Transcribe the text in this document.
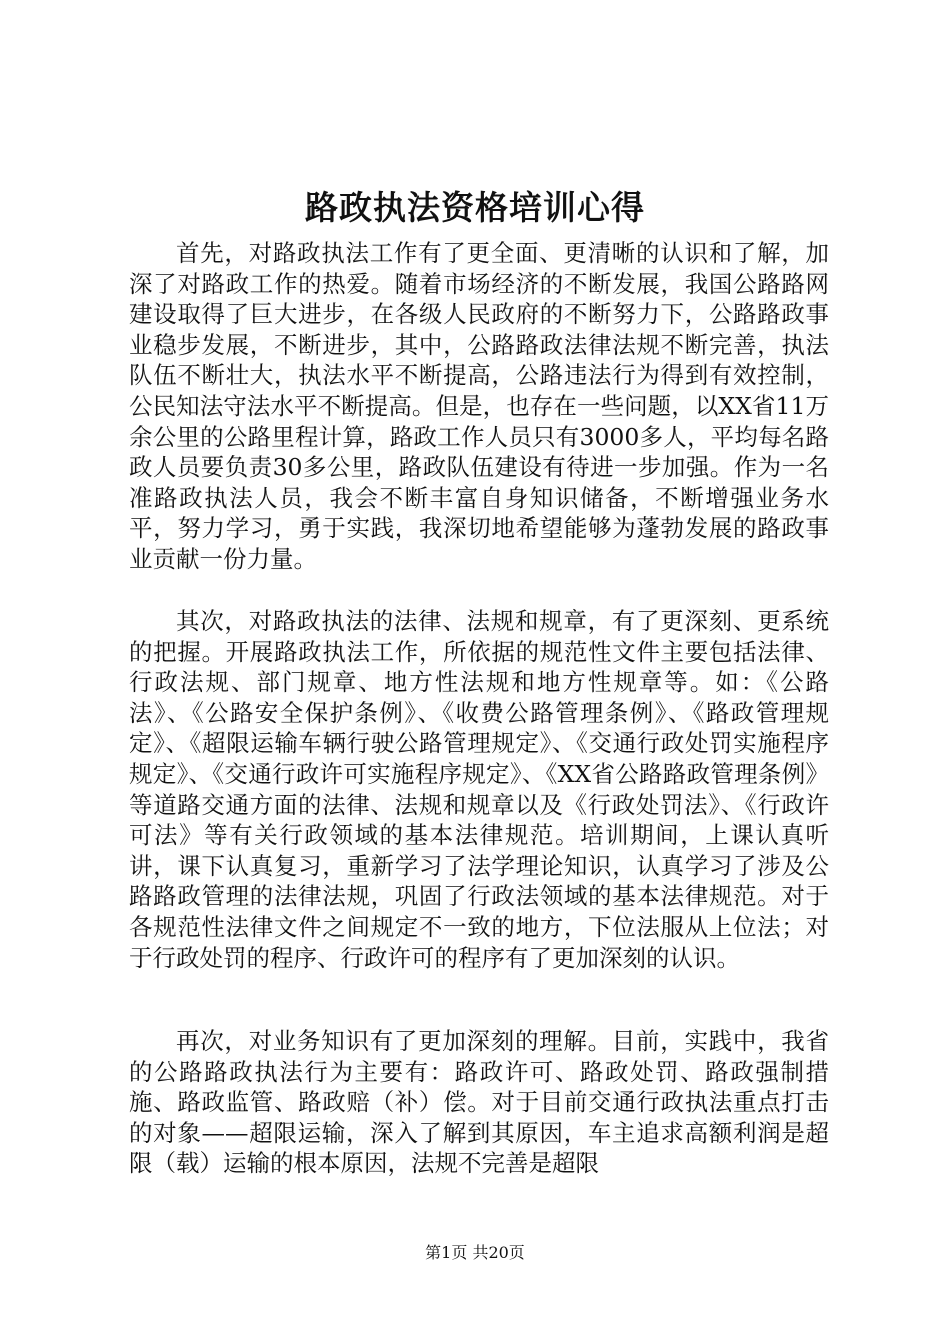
路政执法资格培训心得

首先，对路政执法工作有了更全面、更清晰的认识和了解，加深了对路政工作的热爱。随着市场经济的不断发展，我国公路路网建设取得了巨大进步，在各级人民政府的不断努力下，公路路政事业稳步发展，不断进步，其中，公路路政法律法规不断完善，执法队伍不断壮大，执法水平不断提高，公路违法行为得到有效控制，公民知法守法水平不断提高。但是，也存在一些问题，以XX省11万余公里的公路里程计算，路政工作人员只有3000多人，平均每名路政人员要负责30多公里，路政队伍建设有待进一步加强。作为一名准路政执法人员，我会不断丰富自身知识储备，不断增强业务水平，努力学习，勇于实践，我深切地希望能够为蓬勃发展的路政事业贡献一份力量。

其次，对路政执法的法律、法规和规章，有了更深刻、更系统的把握。开展路政执法工作，所依据的规范性文件主要包括法律、行政法规、部门规章、地方性法规和地方性规章等。如：《公路法》、《公路安全保护条例》、《收费公路管理条例》、《路政管理规定》、《超限运输车辆行驶公路管理规定》、《交通行政处罚实施程序规定》、《交通行政许可实施程序规定》、《XX省公路路政管理条例》等道路交通方面的法律、法规和规章以及《行政处罚法》、《行政许可法》等有关行政领域的基本法律规范。培训期间，上课认真听讲，课下认真复习，重新学习了法学理论知识，认真学习了涉及公路路政管理的法律法规，巩固了行政法领域的基本法律规范。对于各规范性法律文件之间规定不一致的地方，下位法服从上位法；对于行政处罚的程序、行政许可的程序有了更加深刻的认识。

再次，对业务知识有了更加深刻的理解。目前，实践中，我省的公路路政执法行为主要有：路政许可、路政处罚、路政强制措施、路政监管、路政赔（补）偿。对于目前交通行政执法重点打击的对象——超限运输，深入了解到其原因，车主追求高额利润是超限（载）运输的根本原因，法规不完善是超限

第1页 共20页
